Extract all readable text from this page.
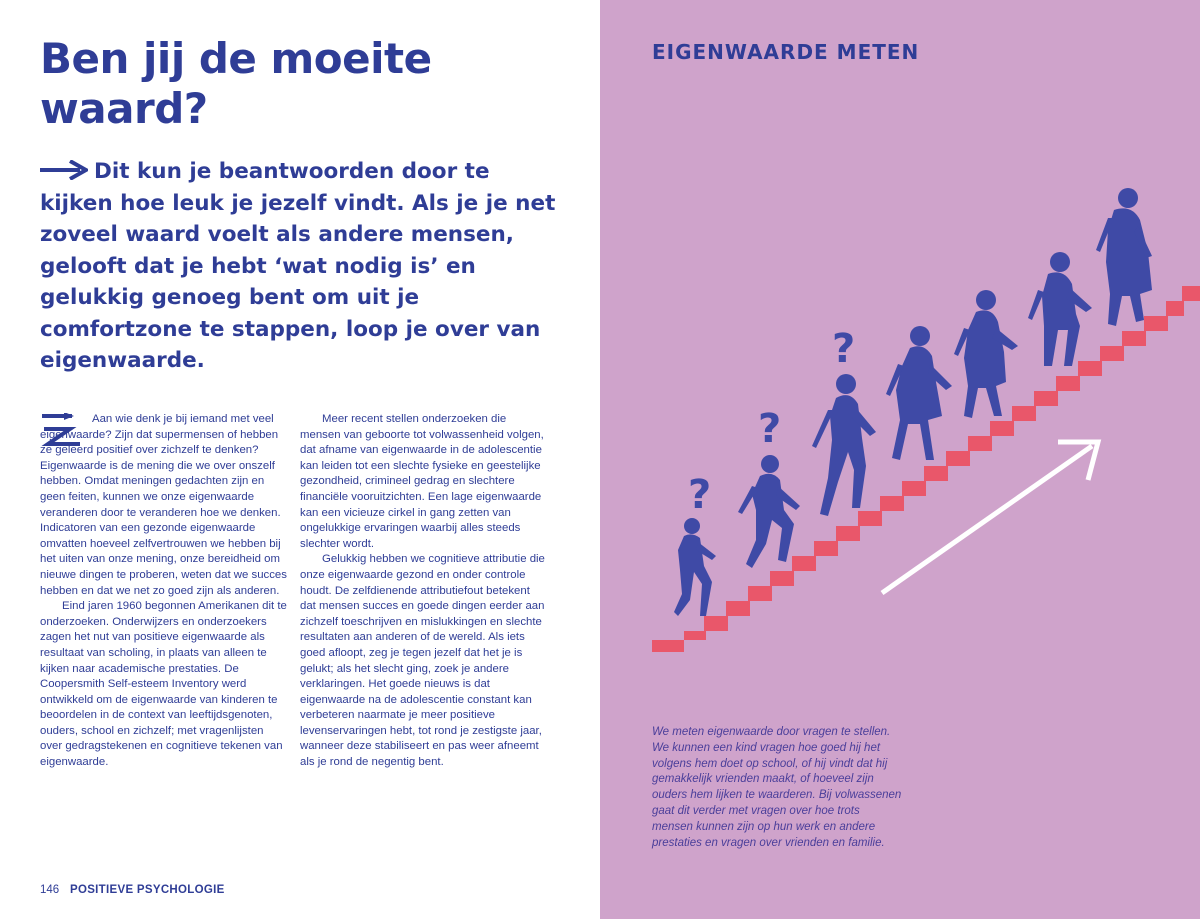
Ben jij de moeite
waard?

Dit kun je beantwoorden door te kijken hoe leuk je jezelf vindt. Als je je net zoveel waard voelt als andere mensen, gelooft dat je hebt ‘wat nodig is’ en gelukkig genoeg bent om uit je comfortzone te stappen, loop je over van eigenwaarde.

Aan wie denk je bij iemand met veel eigenwaarde? Zijn dat supermensen of hebben ze geleerd positief over zichzelf te denken? Eigenwaarde is de mening die we over onszelf hebben. Omdat meningen gedachten zijn en geen feiten, kunnen we onze eigenwaarde veranderen door te veranderen hoe we denken. Indicatoren van een gezonde eigenwaarde omvatten hoeveel zelfvertrouwen we hebben bij het uiten van onze mening, onze bereidheid om nieuwe dingen te proberen, weten dat we succes hebben en dat we net zo goed zijn als anderen.

Eind jaren 1960 begonnen Amerikanen dit te onderzoeken. Onderwijzers en onderzoekers zagen het nut van positieve eigenwaarde als resultaat van scholing, in plaats van alleen te kijken naar academische prestaties. De Coopersmith Self-esteem Inventory werd ontwikkeld om de eigenwaarde van kinderen te beoordelen in de context van leeftijdsgenoten, ouders, school en zichzelf; met vragenlijsten over gedragstekenen en cognitieve tekenen van eigenwaarde.

Meer recent stellen onderzoeken die mensen van geboorte tot volwassenheid volgen, dat afname van eigenwaarde in de adolescentie kan leiden tot een slechte fysieke en geestelijke gezondheid, crimineel gedrag en slechtere financiële vooruitzichten. Een lage eigenwaarde kan een vicieuze cirkel in gang zetten van ongelukkige ervaringen waarbij alles steeds slechter wordt.

Gelukkig hebben we cognitieve attributie die onze eigenwaarde gezond en onder controle houdt. De zelfdienende attributiefout betekent dat mensen succes en goede dingen eerder aan zichzelf toeschrijven en mislukkingen en slechte resultaten aan anderen of de wereld. Als iets goed afloopt, zeg je tegen jezelf dat het je is gelukt; als het slecht ging, zoek je andere verklaringen. Het goede nieuws is dat eigenwaarde na de adolescentie constant kan verbeteren naarmate je meer positieve levenservaringen hebt, tot rond je zestigste jaar, wanneer deze stabiliseert en pas weer afneemt als je rond de negentig bent.

146 POSITIEVE PSYCHOLOGIE
EIGENWAARDE METEN
?
?
?

We meten eigenwaarde door vragen te stellen. We kunnen een kind vragen hoe goed hij het volgens hem doet op school, of hij vindt dat hij gemakkelijk vrienden maakt, of hoeveel zijn ouders hem lijken te waarderen. Bij volwassenen gaat dit verder met vragen over hoe trots mensen kunnen zijn op hun werk en andere prestaties en vragen over vrienden en familie.
